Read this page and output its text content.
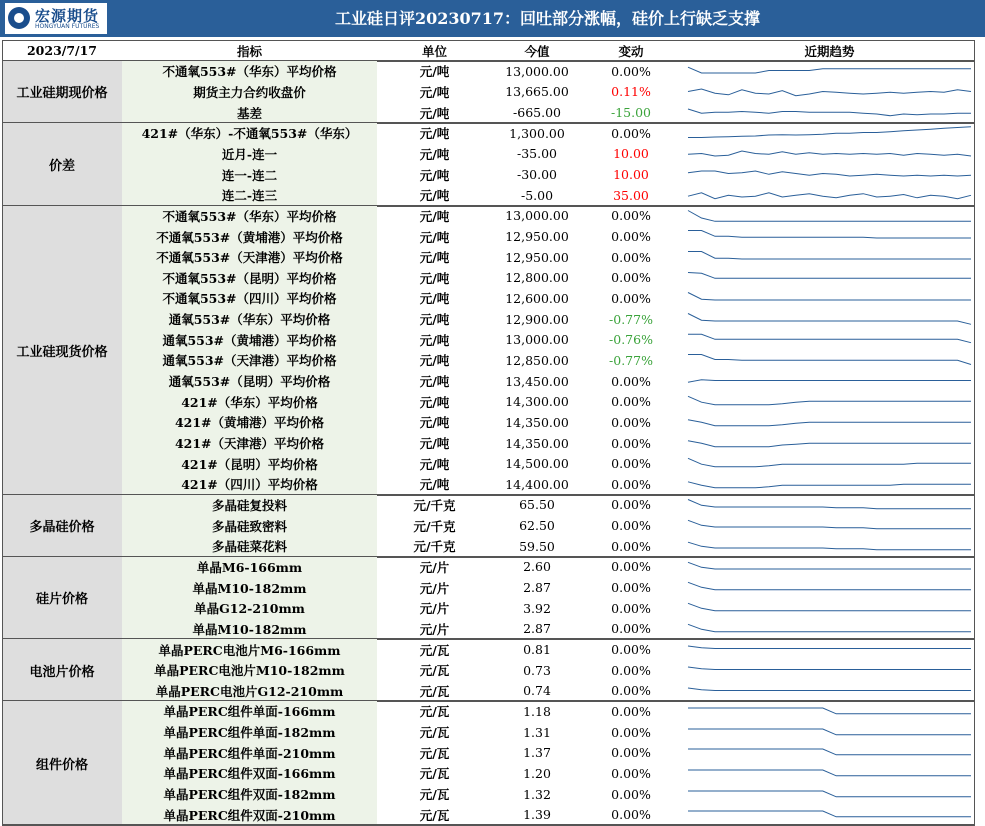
宏源期货
HONGYUAN FUTURES	工业硅日评20230717：回吐部分涨幅，硅价上行缺乏支撑
2023/7/17	指标	单位	今值	变动	近期趋势
工业硅期现价格
不通氧553#（华东）平均价格	元/吨	13,000.00	0.00%
期货主力合约收盘价	元/吨	13,665.00	0.11%
基差	元/吨	-665.00	-15.00
价差
421#（华东）-不通氧553#（华东）	元/吨	1,300.00	0.00%
近月-连一	元/吨	-35.00	10.00
连一-连二	元/吨	-30.00	10.00
连二-连三	元/吨	-5.00	35.00
工业硅现货价格
不通氧553#（华东）平均价格	元/吨	13,000.00	0.00%
不通氧553#（黄埔港）平均价格	元/吨	12,950.00	0.00%
不通氧553#（天津港）平均价格	元/吨	12,950.00	0.00%
不通氧553#（昆明）平均价格	元/吨	12,800.00	0.00%
不通氧553#（四川）平均价格	元/吨	12,600.00	0.00%
通氧553#（华东）平均价格	元/吨	12,900.00	-0.77%
通氧553#（黄埔港）平均价格	元/吨	13,000.00	-0.76%
通氧553#（天津港）平均价格	元/吨	12,850.00	-0.77%
通氧553#（昆明）平均价格	元/吨	13,450.00	0.00%
421#（华东）平均价格	元/吨	14,300.00	0.00%
421#（黄埔港）平均价格	元/吨	14,350.00	0.00%
421#（天津港）平均价格	元/吨	14,350.00	0.00%
421#（昆明）平均价格	元/吨	14,500.00	0.00%
421#（四川）平均价格	元/吨	14,400.00	0.00%
多晶硅价格
多晶硅复投料	元/千克	65.50	0.00%
多晶硅致密料	元/千克	62.50	0.00%
多晶硅菜花料	元/千克	59.50	0.00%
硅片价格
单晶M6-166mm	元/片	2.60	0.00%
单晶M10-182mm	元/片	2.87	0.00%
单晶G12-210mm	元/片	3.92	0.00%
单晶M10-182mm	元/片	2.87	0.00%
电池片价格
单晶PERC电池片M6-166mm	元/瓦	0.81	0.00%
单晶PERC电池片M10-182mm	元/瓦	0.73	0.00%
单晶PERC电池片G12-210mm	元/瓦	0.74	0.00%
组件价格
单晶PERC组件单面-166mm	元/瓦	1.18	0.00%
单晶PERC组件单面-182mm	元/瓦	1.31	0.00%
单晶PERC组件单面-210mm	元/瓦	1.37	0.00%
单晶PERC组件双面-166mm	元/瓦	1.20	0.00%
单晶PERC组件双面-182mm	元/瓦	1.32	0.00%
单晶PERC组件双面-210mm	元/瓦	1.39	0.00%
